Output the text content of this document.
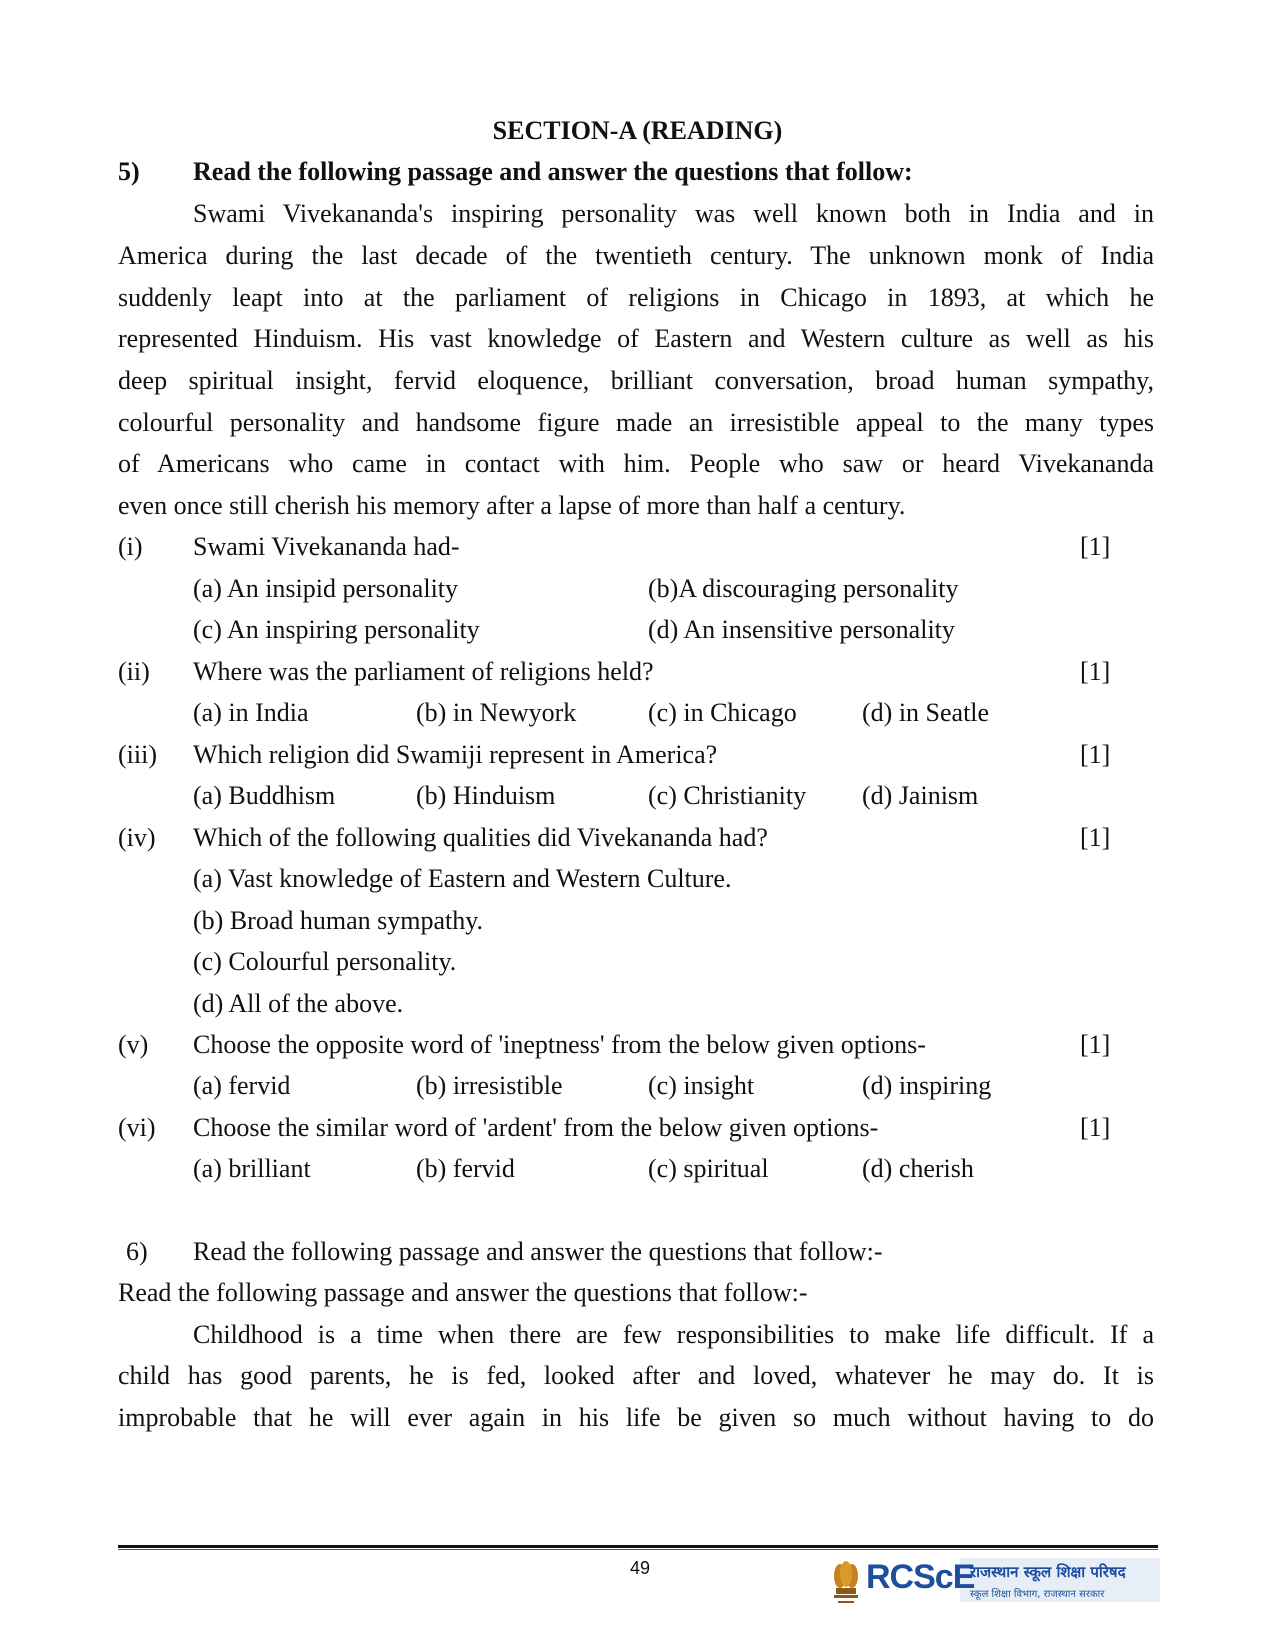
SECTION-A (READING)
5) Read the following passage and answer the questions that follow:
Swami Vivekananda's inspiring personality was well known both in India and in
America during the last decade of the twentieth century. The unknown monk of India
suddenly leapt into at the parliament of religions in Chicago in 1893, at which he
represented Hinduism. His vast knowledge of Eastern and Western culture as well as his
deep spiritual insight, fervid eloquence, brilliant conversation, broad human sympathy,
colourful personality and handsome figure made an irresistible appeal to the many types
of Americans who came in contact with him. People who saw or heard Vivekananda
even once still cherish his memory after a lapse of more than half a century.
(i) Swami Vivekananda had-	[1]
(a) An insipid personality	(b)A discouraging personality
(c) An inspiring personality	(d) An insensitive personality
(ii) Where was the parliament of religions held?	[1]
(a) in India	(b) in Newyork	(c) in Chicago	(d) in Seatle
(iii) Which religion did Swamiji represent in America?	[1]
(a) Buddhism	(b) Hinduism	(c) Christianity (d) Jainism
(iv) Which of the following qualities did Vivekananda had?	[1]
(a) Vast knowledge of Eastern and Western Culture.
(b) Broad human sympathy.
(c) Colourful personality.
(d) All of the above.
(v) Choose the opposite word of 'ineptness' from the below given options-	[1]
(a) fervid	(b) irresistible	(c) insight	(d) inspiring
(vi) Choose the similar word of 'ardent' from the below given options-	[1]
(a) brilliant	(b) fervid	(c) spiritual	(d) cherish
6) Read the following passage and answer the questions that follow:-
Read the following passage and answer the questions that follow:-
Childhood is a time when there are few responsibilities to make life difficult. If a
child has good parents, he is fed, looked after and loved, whatever he may do. It is
improbable that he will ever again in his life be given so much without having to do
49	RCScE
राजस्थान स्कूल शिक्षा परिषद
स्कूल शिक्षा विभाग, राजस्थान सरकार
